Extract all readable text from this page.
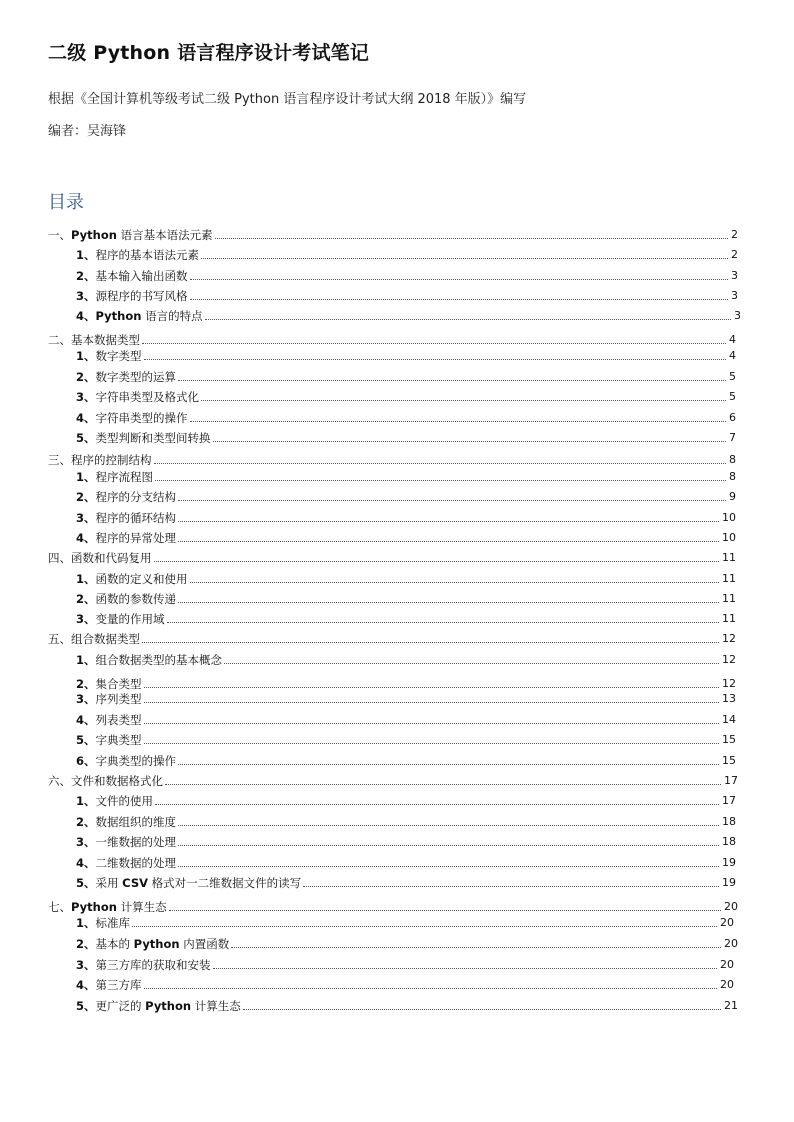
二级 Python 语言程序设计考试笔记
根据《全国计算机等级考试二级 Python 语言程序设计考试大纲 2018 年版）》编写
编者：吴海锋
目录
一、Python 语言基本语法元素	2
1、程序的基本语法元素	2
2、基本输入输出函数	3
3、源程序的书写风格	3
4、Python 语言的特点	3
二、基本数据类型	4
1、数字类型	4
2、数字类型的运算	5
3、字符串类型及格式化	5
4、字符串类型的操作	6
5、类型判断和类型间转换	7
三、程序的控制结构	8
1、程序流程图	8
2、程序的分支结构	9
3、程序的循环结构	10
4、程序的异常处理	10
四、函数和代码复用	11
1、函数的定义和使用	11
2、函数的参数传递	11
3、变量的作用域	11
五、组合数据类型	12
1、组合数据类型的基本概念	12
2、集合类型	12
3、序列类型	13
4、列表类型	14
5、字典类型	15
6、字典类型的操作	15
六、文件和数据格式化	17
1、文件的使用	17
2、数据组织的维度	18
3、一维数据的处理	18
4、二维数据的处理	19
5、采用 CSV 格式对一二维数据文件的读写	19
七、Python 计算生态	20
1、标准库	20
2、基本的 Python 内置函数	20
3、第三方库的获取和安装	20
4、第三方库	20
5、更广泛的 Python 计算生态	21
